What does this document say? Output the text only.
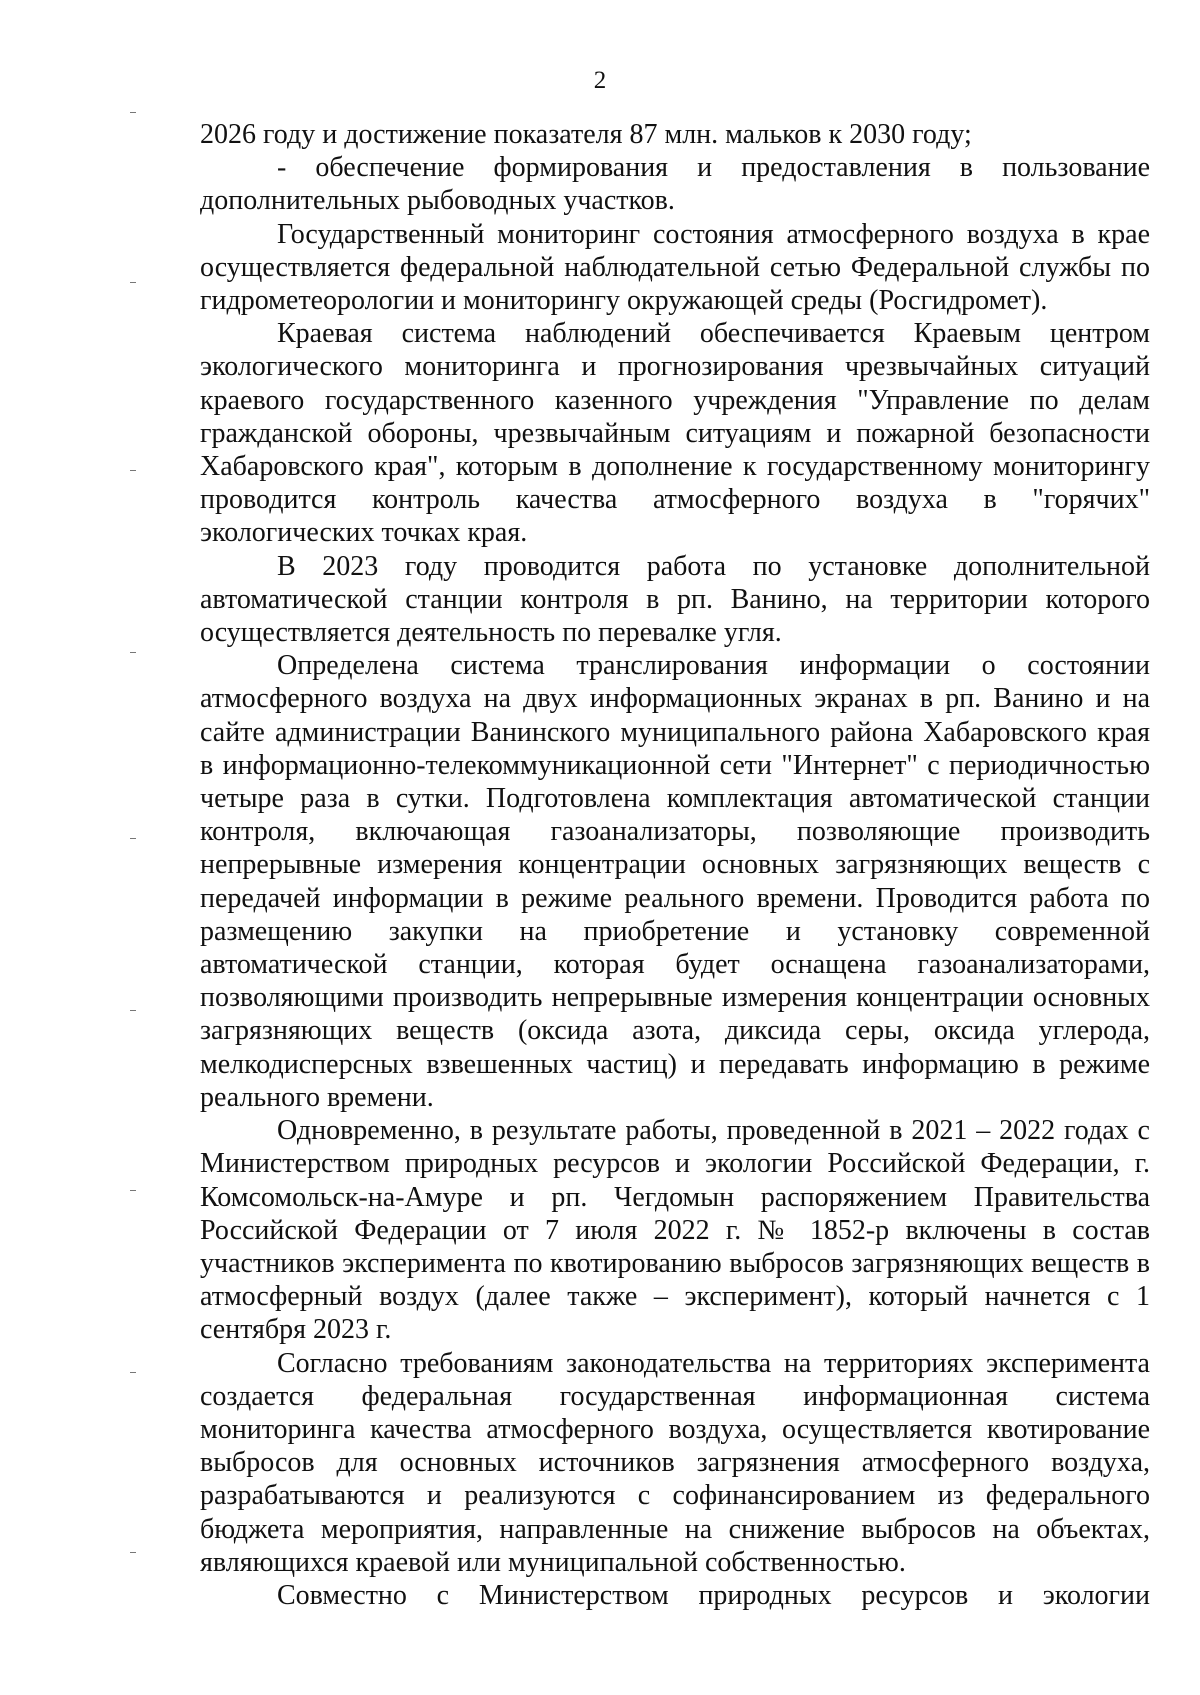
2

2026 году и достижение показателя 87 млн. мальков к 2030 году;

- обеспечение формирования и предоставления в пользование дополнительных рыбоводных участков.

Государственный мониторинг состояния атмосферного воздуха в крае осуществляется федеральной наблюдательной сетью Федеральной службы по гидрометеорологии и мониторингу окружающей среды (Росгидромет).

Краевая система наблюдений обеспечивается Краевым центром экологического мониторинга и прогнозирования чрезвычайных ситуаций краевого государственного казенного учреждения "Управление по делам гражданской обороны, чрезвычайным ситуациям и пожарной безопасности Хабаровского края", которым в дополнение к государственному мониторингу проводится контроль качества атмосферного воздуха в "горячих" экологических точках края.

В 2023 году проводится работа по установке дополнительной автоматической станции контроля в рп. Ванино, на территории которого осуществляется деятельность по перевалке угля.

Определена система транслирования информации о состоянии атмосферного воздуха на двух информационных экранах в рп. Ванино и на сайте администрации Ванинского муниципального района Хабаровского края в информационно-телекоммуникационной сети "Интернет" с периодичностью четыре раза в сутки. Подготовлена комплектация автоматической станции контроля, включающая газоанализаторы, позволяющие производить непрерывные измерения концентрации основных загрязняющих веществ с передачей информации в режиме реального времени. Проводится работа по размещению закупки на приобретение и установку современной автоматической станции, которая будет оснащена газоанализаторами, позволяющими производить непрерывные измерения концентрации основных загрязняющих веществ (оксида азота, диксида серы, оксида углерода, мелкодисперсных взвешенных частиц) и передавать информацию в режиме реального времени.

Одновременно, в результате работы, проведенной в 2021 – 2022 годах с Министерством природных ресурсов и экологии Российской Федерации, г. Комсомольск-на-Амуре и рп. Чегдомын распоряжением Правительства Российской Федерации от 7 июля 2022 г. № 1852-р включены в состав участников эксперимента по квотированию выбросов загрязняющих веществ в атмосферный воздух (далее также – эксперимент), который начнется с 1 сентября 2023 г.

Согласно требованиям законодательства на территориях эксперимента создается федеральная государственная информационная система мониторинга качества атмосферного воздуха, осуществляется квотирование выбросов для основных источников загрязнения атмосферного воздуха, разрабатываются и реализуются с софинансированием из федерального бюджета мероприятия, направленные на снижение выбросов на объектах, являющихся краевой или муниципальной собственностью.

Совместно с Министерством природных ресурсов и экологии
